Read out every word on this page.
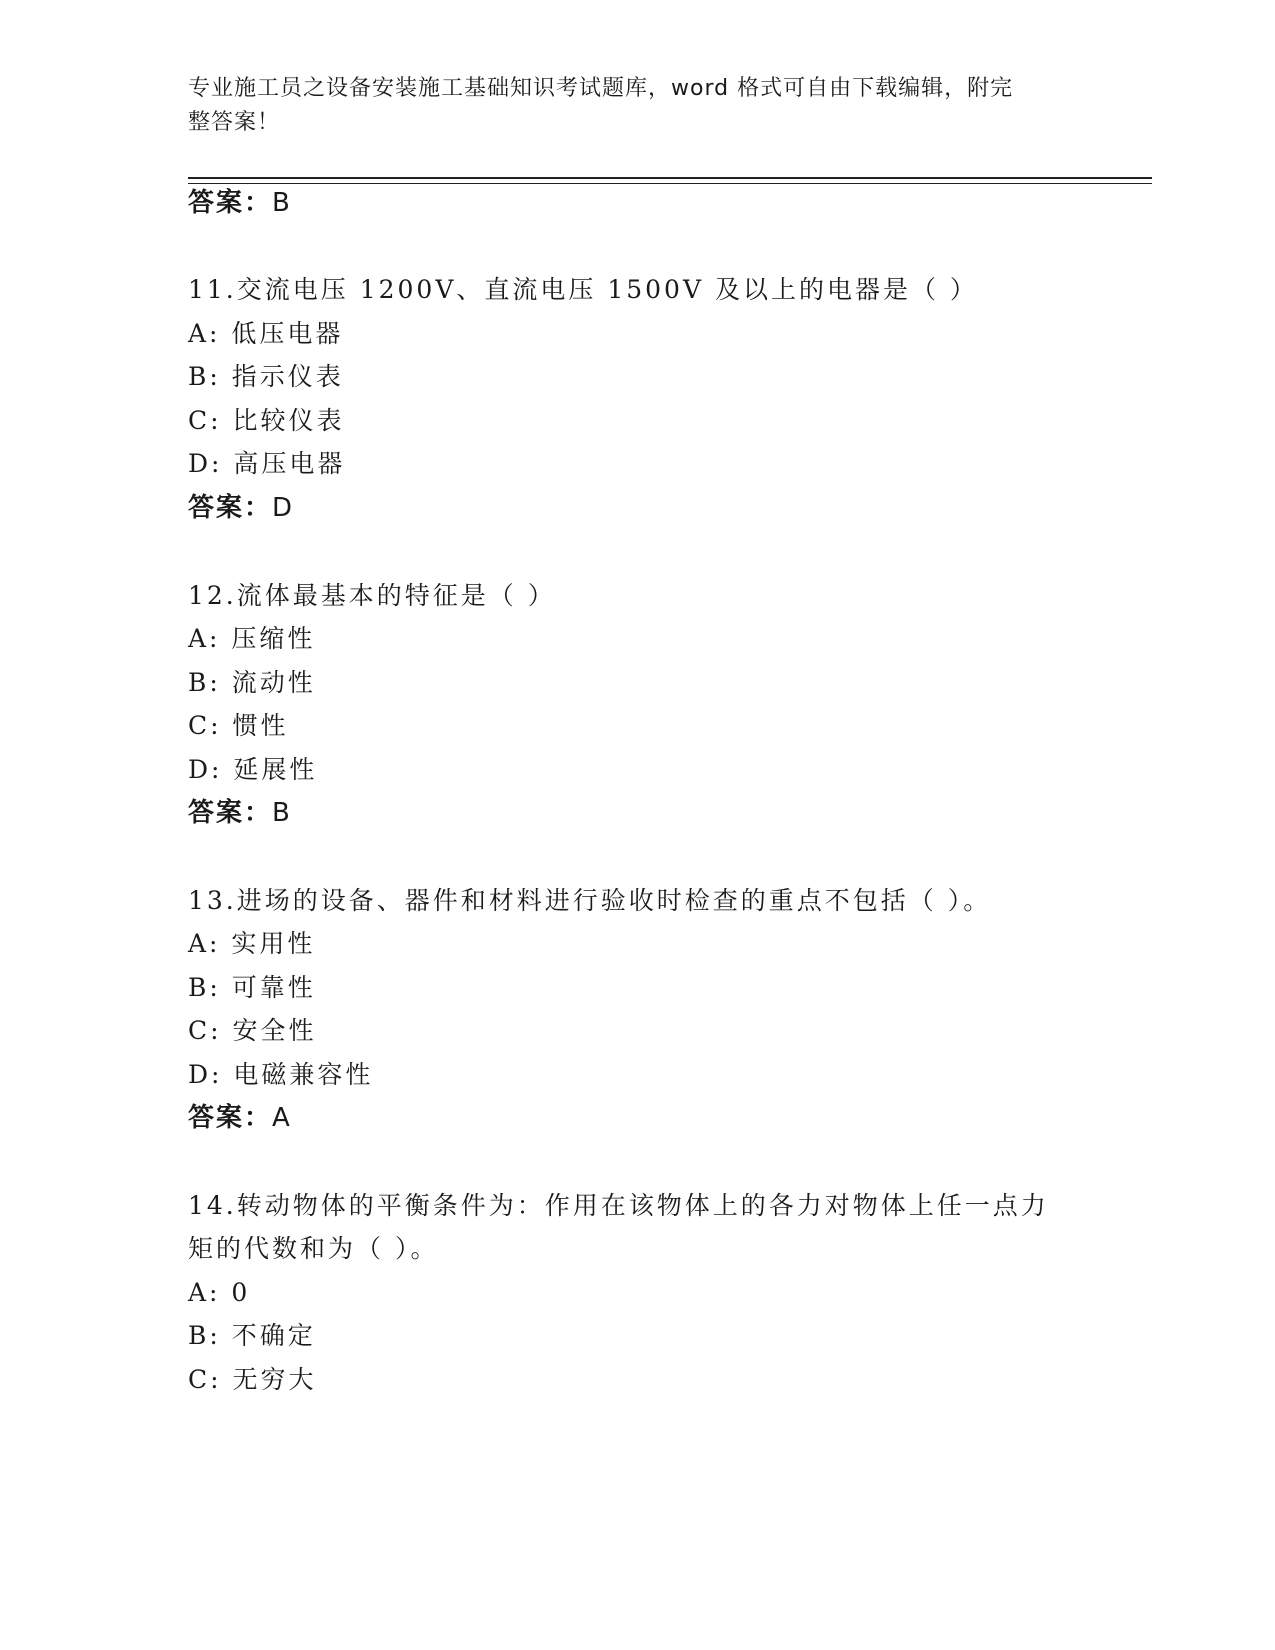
专业施工员之设备安装施工基础知识考试题库，word 格式可自由下载编辑，附完
整答案！
答案：B
11.交流电压 1200V、直流电压 1500V 及以上的电器是（ ）
A: 低压电器
B: 指示仪表
C: 比较仪表
D: 高压电器
答案：D
12.流体最基本的特征是（ ）
A: 压缩性
B: 流动性
C: 惯性
D: 延展性
答案：B
13.进场的设备、器件和材料进行验收时检查的重点不包括（ ）。
A: 实用性
B: 可靠性
C: 安全性
D: 电磁兼容性
答案：A
14.转动物体的平衡条件为：作用在该物体上的各力对物体上任一点力
矩的代数和为（ ）。
A: 0
B: 不确定
C: 无穷大
